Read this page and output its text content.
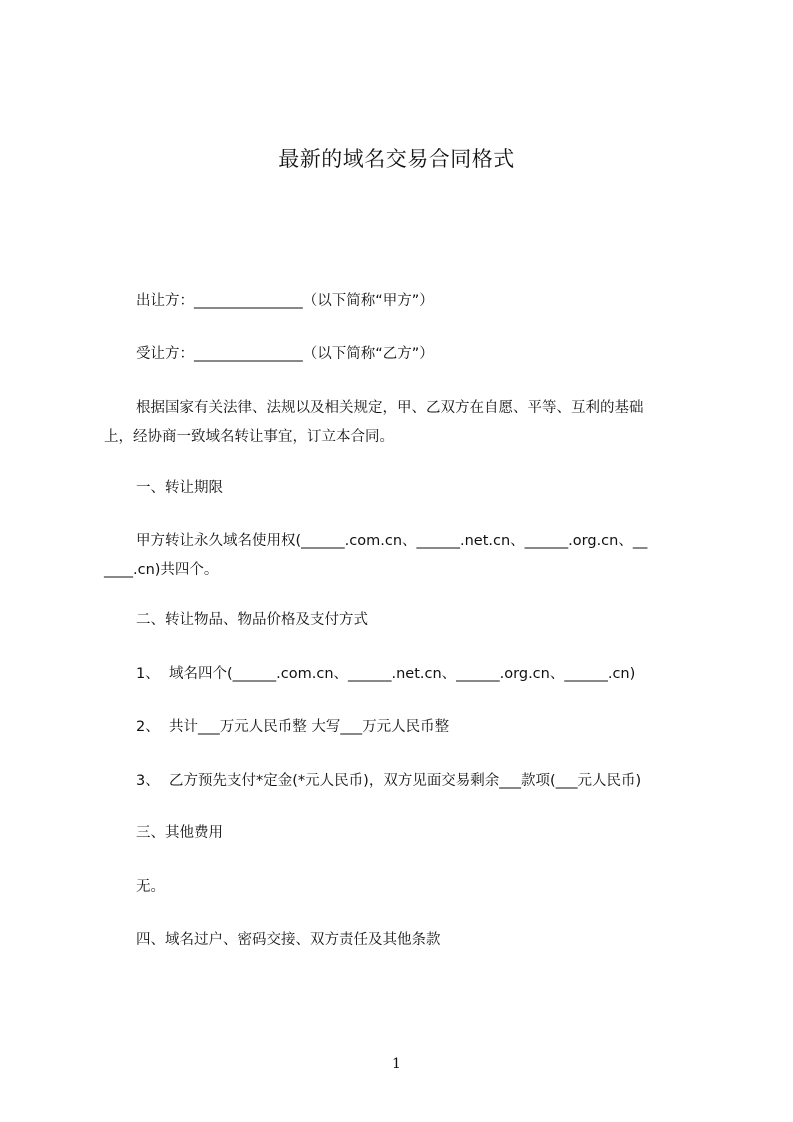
最新的域名交易合同格式
出让方：_______________（以下简称“甲方”）
受让方：_______________（以下简称“乙方”）
根据国家有关法律、法规以及相关规定，甲、乙双方在自愿、平等、互利的基础
上，经协商一致域名转让事宜，订立本合同。
一、转让期限
甲方转让永久域名使用权(______.com.cn、______.net.cn、______.org.cn、__
____.cn)共四个。
二、转让物品、物品价格及支付方式
1、 域名四个(______.com.cn、______.net.cn、______.org.cn、______.cn)
2、 共计___万元人民币整 大写___万元人民币整
3、 乙方预先支付*定金(*元人民币)，双方见面交易剩余___款项(___元人民币)
三、其他费用
无。
四、域名过户、密码交接、双方责任及其他条款
1
